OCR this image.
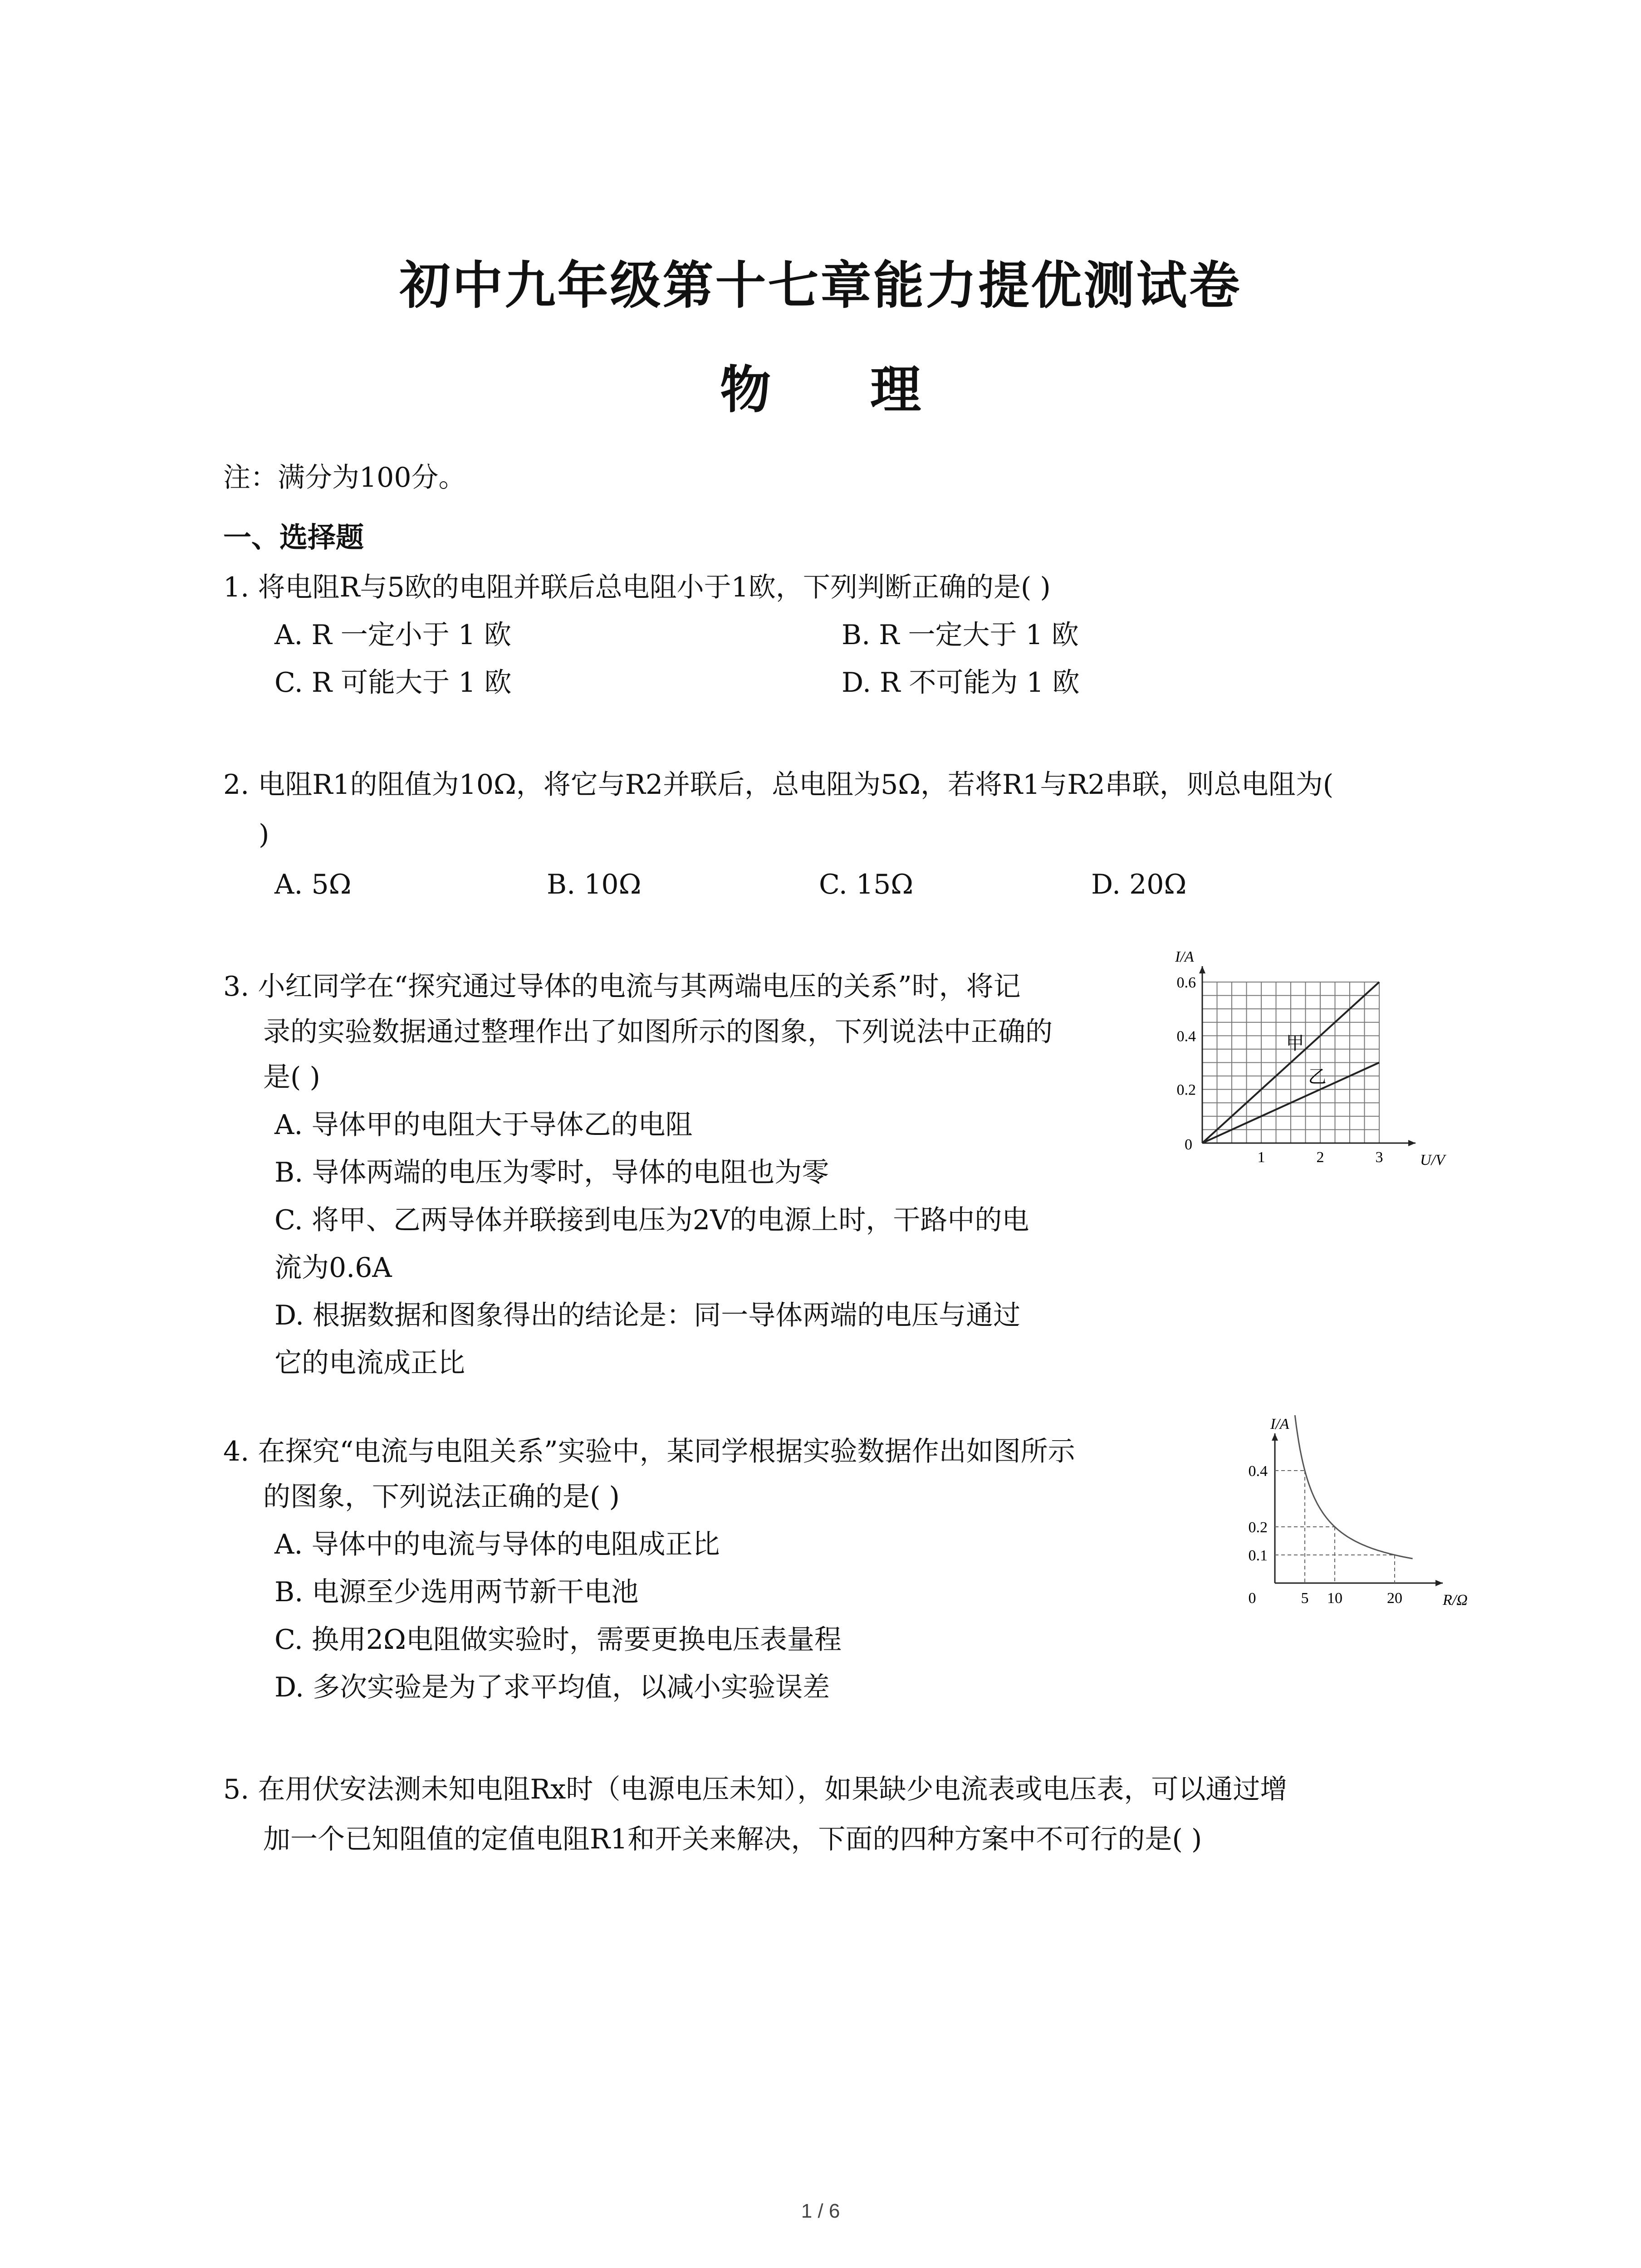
初中九年级第十七章能力提优测试卷
物 理
注：满分为100分。
一、选择题
1. 将电阻R与5欧的电阻并联后总电阻小于1欧，下列判断正确的是( )
A. R 一定小于 1 欧	B. R 一定大于 1 欧
C. R 可能大于 1 欧	D. R 不可能为 1 欧
2. 电阻R1的阻值为10Ω，将它与R2并联后，总电阻为5Ω，若将R1与R2串联，则总电阻为(
)
A. 5Ω	B. 10Ω	C. 15Ω	D. 20Ω
3. 小红同学在“探究通过导体的电流与其两端电压的关系”时，将记
录的实验数据通过整理作出了如图所示的图象，下列说法中正确的
是( )
A. 导体甲的电阻大于导体乙的电阻
B. 导体两端的电压为零时，导体的电阻也为零
C. 将甲、乙两导体并联接到电压为2V的电源上时，干路中的电
流为0.6A
D. 根据数据和图象得出的结论是：同一导体两端的电压与通过
它的电流成正比
1	2	3
0.2
0.4
0.6
0
U/V
I/A
甲
乙
4. 在探究“电流与电阻关系”实验中，某同学根据实验数据作出如图所示
的图象，下列说法正确的是( )
A. 导体中的电流与导体的电阻成正比
B. 电源至少选用两节新干电池
C. 换用2Ω电阻做实验时，需要更换电压表量程
D. 多次实验是为了求平均值，以减小实验误差
5 10	20
0.1
0.2
0.4
0	R/Ω
I/A
5. 在用伏安法测未知电阻Rx时（电源电压未知），如果缺少电流表或电压表，可以通过增
加一个已知阻值的定值电阻R1和开关来解决，下面的四种方案中不可行的是( )
1 / 6
